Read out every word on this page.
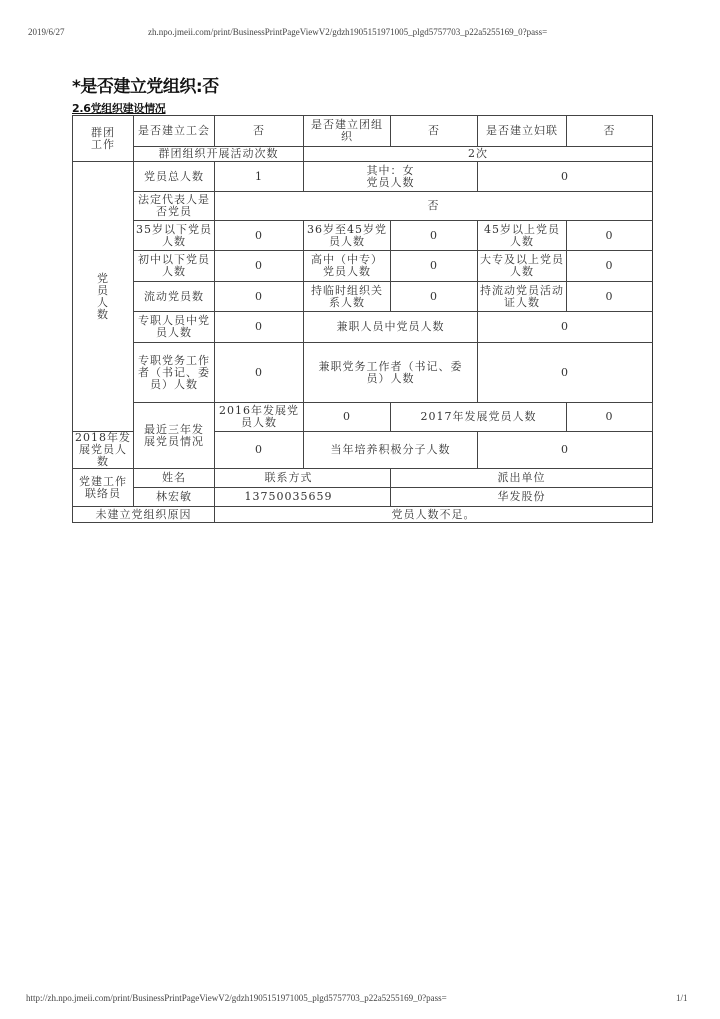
2019/6/27	zh.npo.jmeii.com/print/BusinessPrintPageViewV2/gdzh1905151971005_plgd5757703_p22a5255169_0?pass=
*是否建立党组织:否
2.6党组织建设情况
群团工作	是否建立工会	否	是否建立团组织	否	是否建立妇联	否
	群团组织开展活动次数		2次			
党员人数	党员总人数	1	其中：女党员人数		0	
	法定代表人是否党员	否				
	35岁以下党员人数	0	36岁至45岁党员人数	0	45岁以上党员人数	0
	初中以下党员人数	0	高中（中专）党员人数	0	大专及以上党员人数	0
	流动党员数	0	持临时组织关系人数	0	持流动党员活动证人数	0
	专职人员中党员人数	0	兼职人员中党员人数		0	
	专职党务工作者（书记、委员）人数	0	兼职党务工作者（书记、委员）人数		0	
	最近三年发展党员情况	2016年发展党员人数	0	2017年发展党员人数		0
2018年发展党员人数		0	当年培养积极分子人数		0	
党建工作联络员	姓名	联系方式		派出单位		
	林宏敏	13750035659		华发股份		
未建立党组织原因		党员人数不足。				
http://zh.npo.jmeii.com/print/BusinessPrintPageViewV2/gdzh1905151971005_plgd5757703_p22a5255169_0?pass=	1/1
